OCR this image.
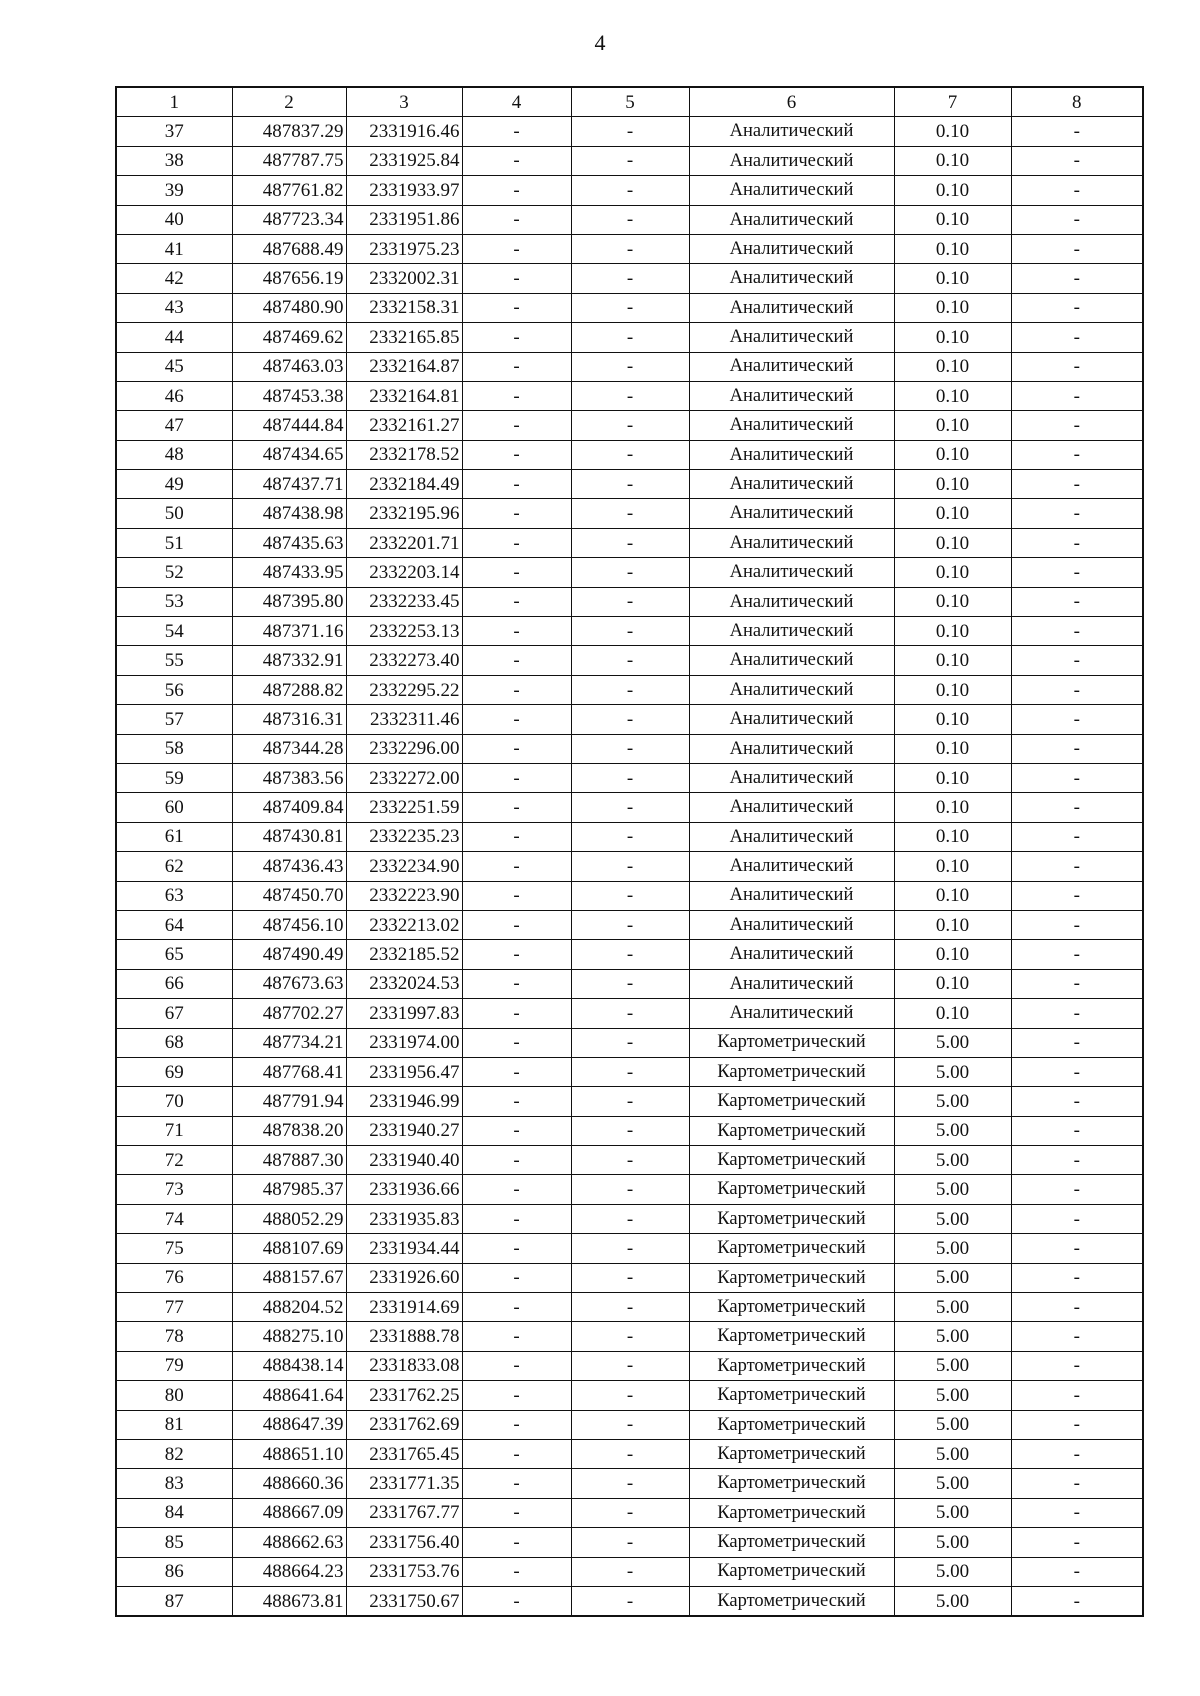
4
1	2	3	4	5	6	7	8
37	487837.29	2331916.46	-	-	Аналитический	0.10	-
38	487787.75	2331925.84	-	-	Аналитический	0.10	-
39	487761.82	2331933.97	-	-	Аналитический	0.10	-
40	487723.34	2331951.86	-	-	Аналитический	0.10	-
41	487688.49	2331975.23	-	-	Аналитический	0.10	-
42	487656.19	2332002.31	-	-	Аналитический	0.10	-
43	487480.90	2332158.31	-	-	Аналитический	0.10	-
44	487469.62	2332165.85	-	-	Аналитический	0.10	-
45	487463.03	2332164.87	-	-	Аналитический	0.10	-
46	487453.38	2332164.81	-	-	Аналитический	0.10	-
47	487444.84	2332161.27	-	-	Аналитический	0.10	-
48	487434.65	2332178.52	-	-	Аналитический	0.10	-
49	487437.71	2332184.49	-	-	Аналитический	0.10	-
50	487438.98	2332195.96	-	-	Аналитический	0.10	-
51	487435.63	2332201.71	-	-	Аналитический	0.10	-
52	487433.95	2332203.14	-	-	Аналитический	0.10	-
53	487395.80	2332233.45	-	-	Аналитический	0.10	-
54	487371.16	2332253.13	-	-	Аналитический	0.10	-
55	487332.91	2332273.40	-	-	Аналитический	0.10	-
56	487288.82	2332295.22	-	-	Аналитический	0.10	-
57	487316.31	2332311.46	-	-	Аналитический	0.10	-
58	487344.28	2332296.00	-	-	Аналитический	0.10	-
59	487383.56	2332272.00	-	-	Аналитический	0.10	-
60	487409.84	2332251.59	-	-	Аналитический	0.10	-
61	487430.81	2332235.23	-	-	Аналитический	0.10	-
62	487436.43	2332234.90	-	-	Аналитический	0.10	-
63	487450.70	2332223.90	-	-	Аналитический	0.10	-
64	487456.10	2332213.02	-	-	Аналитический	0.10	-
65	487490.49	2332185.52	-	-	Аналитический	0.10	-
66	487673.63	2332024.53	-	-	Аналитический	0.10	-
67	487702.27	2331997.83	-	-	Аналитический	0.10	-
68	487734.21	2331974.00	-	-	Картометрический	5.00	-
69	487768.41	2331956.47	-	-	Картометрический	5.00	-
70	487791.94	2331946.99	-	-	Картометрический	5.00	-
71	487838.20	2331940.27	-	-	Картометрический	5.00	-
72	487887.30	2331940.40	-	-	Картометрический	5.00	-
73	487985.37	2331936.66	-	-	Картометрический	5.00	-
74	488052.29	2331935.83	-	-	Картометрический	5.00	-
75	488107.69	2331934.44	-	-	Картометрический	5.00	-
76	488157.67	2331926.60	-	-	Картометрический	5.00	-
77	488204.52	2331914.69	-	-	Картометрический	5.00	-
78	488275.10	2331888.78	-	-	Картометрический	5.00	-
79	488438.14	2331833.08	-	-	Картометрический	5.00	-
80	488641.64	2331762.25	-	-	Картометрический	5.00	-
81	488647.39	2331762.69	-	-	Картометрический	5.00	-
82	488651.10	2331765.45	-	-	Картометрический	5.00	-
83	488660.36	2331771.35	-	-	Картометрический	5.00	-
84	488667.09	2331767.77	-	-	Картометрический	5.00	-
85	488662.63	2331756.40	-	-	Картометрический	5.00	-
86	488664.23	2331753.76	-	-	Картометрический	5.00	-
87	488673.81	2331750.67	-	-	Картометрический	5.00	-
